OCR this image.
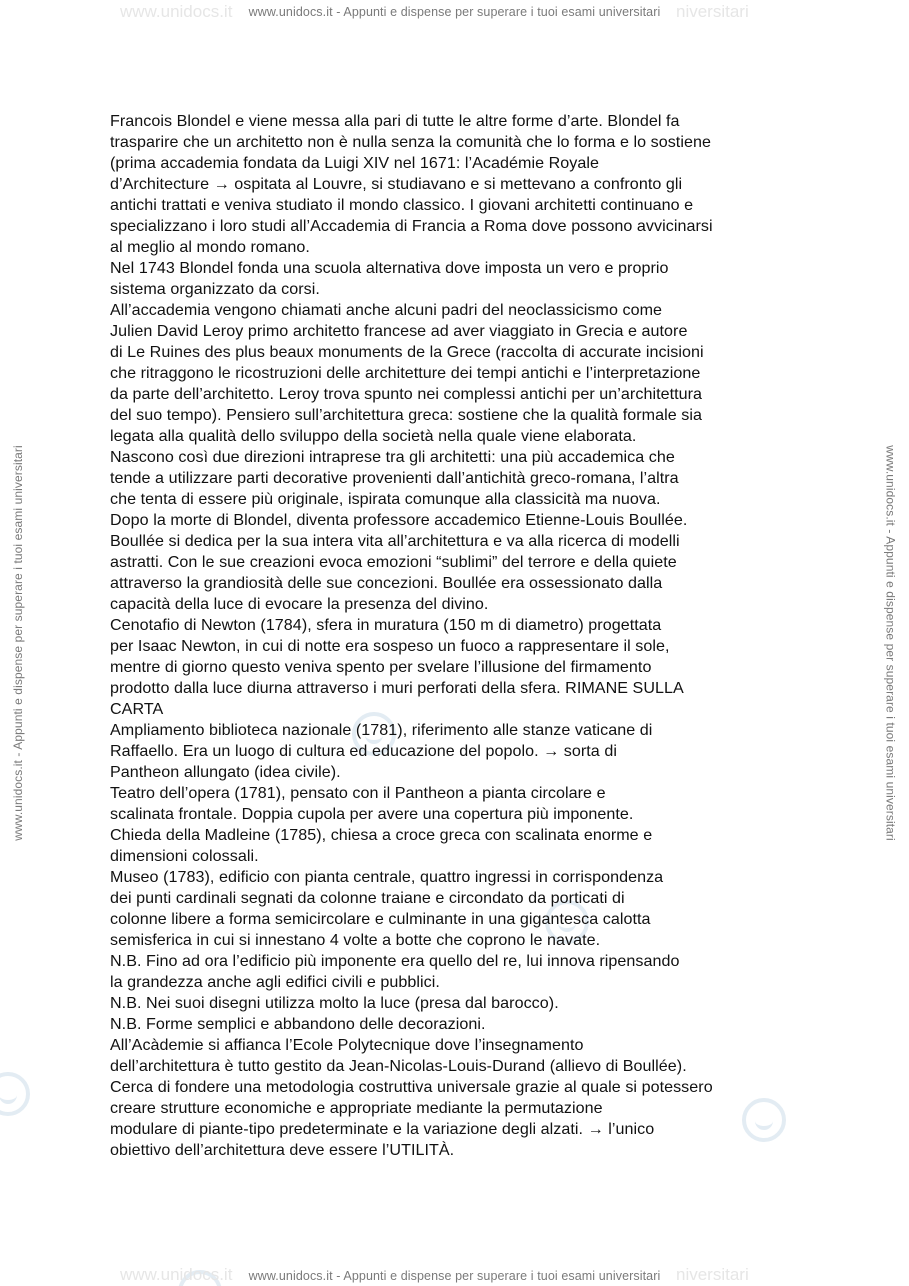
www.unidocs.it	niversitari
www.unidocs.it - Appunti e dispense per superare i tuoi esami universitari
www.unidocs.it - Appunti e dispense per superare i tuoi esami universitari	www.unidocs.it - Appunti e dispense per superare i tuoi esami universitari
Francois Blondel e viene messa alla pari di tutte le altre forme d’arte. Blondel fa
trasparire che un architetto non è nulla senza la comunità che lo forma e lo sostiene
(prima accademia fondata da Luigi XIV nel 1671: l’Académie Royale
d’Architecture → ospitata al Louvre, si studiavano e si mettevano a confronto gli
antichi trattati e veniva studiato il mondo classico. I giovani architetti continuano e
specializzano i loro studi all’Accademia di Francia a Roma dove possono avvicinarsi
al meglio al mondo romano.
Nel 1743 Blondel fonda una scuola alternativa dove imposta un vero e proprio
sistema organizzato da corsi.
All’accademia vengono chiamati anche alcuni padri del neoclassicismo come
Julien David Leroy primo architetto francese ad aver viaggiato in Grecia e autore
di Le Ruines des plus beaux monuments de la Grece (raccolta di accurate incisioni
che ritraggono le ricostruzioni delle architetture dei tempi antichi e l’interpretazione
da parte dell’architetto. Leroy trova spunto nei complessi antichi per un’architettura
del suo tempo). Pensiero sull’architettura greca: sostiene che la qualità formale sia
legata alla qualità dello sviluppo della società nella quale viene elaborata.
Nascono così due direzioni intraprese tra gli architetti: una più accademica che
tende a utilizzare parti decorative provenienti dall’antichità greco-romana, l’altra
che tenta di essere più originale, ispirata comunque alla classicità ma nuova.
Dopo la morte di Blondel, diventa professore accademico Etienne-Louis Boullée.
Boullée si dedica per la sua intera vita all’architettura e va alla ricerca di modelli
astratti. Con le sue creazioni evoca emozioni “sublimi” del terrore e della quiete
attraverso la grandiosità delle sue concezioni. Boullée era ossessionato dalla
capacità della luce di evocare la presenza del divino.
Cenotafio di Newton (1784), sfera in muratura (150 m di diametro) progettata
per Isaac Newton, in cui di notte era sospeso un fuoco a rappresentare il sole,
mentre di giorno questo veniva spento per svelare l’illusione del firmamento
prodotto dalla luce diurna attraverso i muri perforati della sfera. RIMANE SULLA
CARTA
Ampliamento biblioteca nazionale (1781), riferimento alle stanze vaticane di
Raffaello. Era un luogo di cultura ed educazione del popolo. → sorta di
Pantheon allungato (idea civile).
Teatro dell’opera (1781), pensato con il Pantheon a pianta circolare e
scalinata frontale. Doppia cupola per avere una copertura più imponente.
Chieda della Madleine (1785), chiesa a croce greca con scalinata enorme e
dimensioni colossali.
Museo (1783), edificio con pianta centrale, quattro ingressi in corrispondenza
dei punti cardinali segnati da colonne traiane e circondato da porticati di
colonne libere a forma semicircolare e culminante in una gigantesca calotta
semisferica in cui si innestano 4 volte a botte che coprono le navate.
N.B. Fino ad ora l’edificio più imponente era quello del re, lui innova ripensando
la grandezza anche agli edifici civili e pubblici.
N.B. Nei suoi disegni utilizza molto la luce (presa dal barocco).
N.B. Forme semplici e abbandono delle decorazioni.
All’Acàdemie si affianca l’Ecole Polytecnique dove l’insegnamento
dell’architettura è tutto gestito da Jean-Nicolas-Louis-Durand (allievo di Boullée).
Cerca di fondere una metodologia costruttiva universale grazie al quale si potessero
creare strutture economiche e appropriate mediante la permutazione
modulare di piante-tipo predeterminate e la variazione degli alzati. → l’unico
obiettivo dell’architettura deve essere l’UTILITÀ.
www.unidocs.it	niversitari
www.unidocs.it - Appunti e dispense per superare i tuoi esami universitari
